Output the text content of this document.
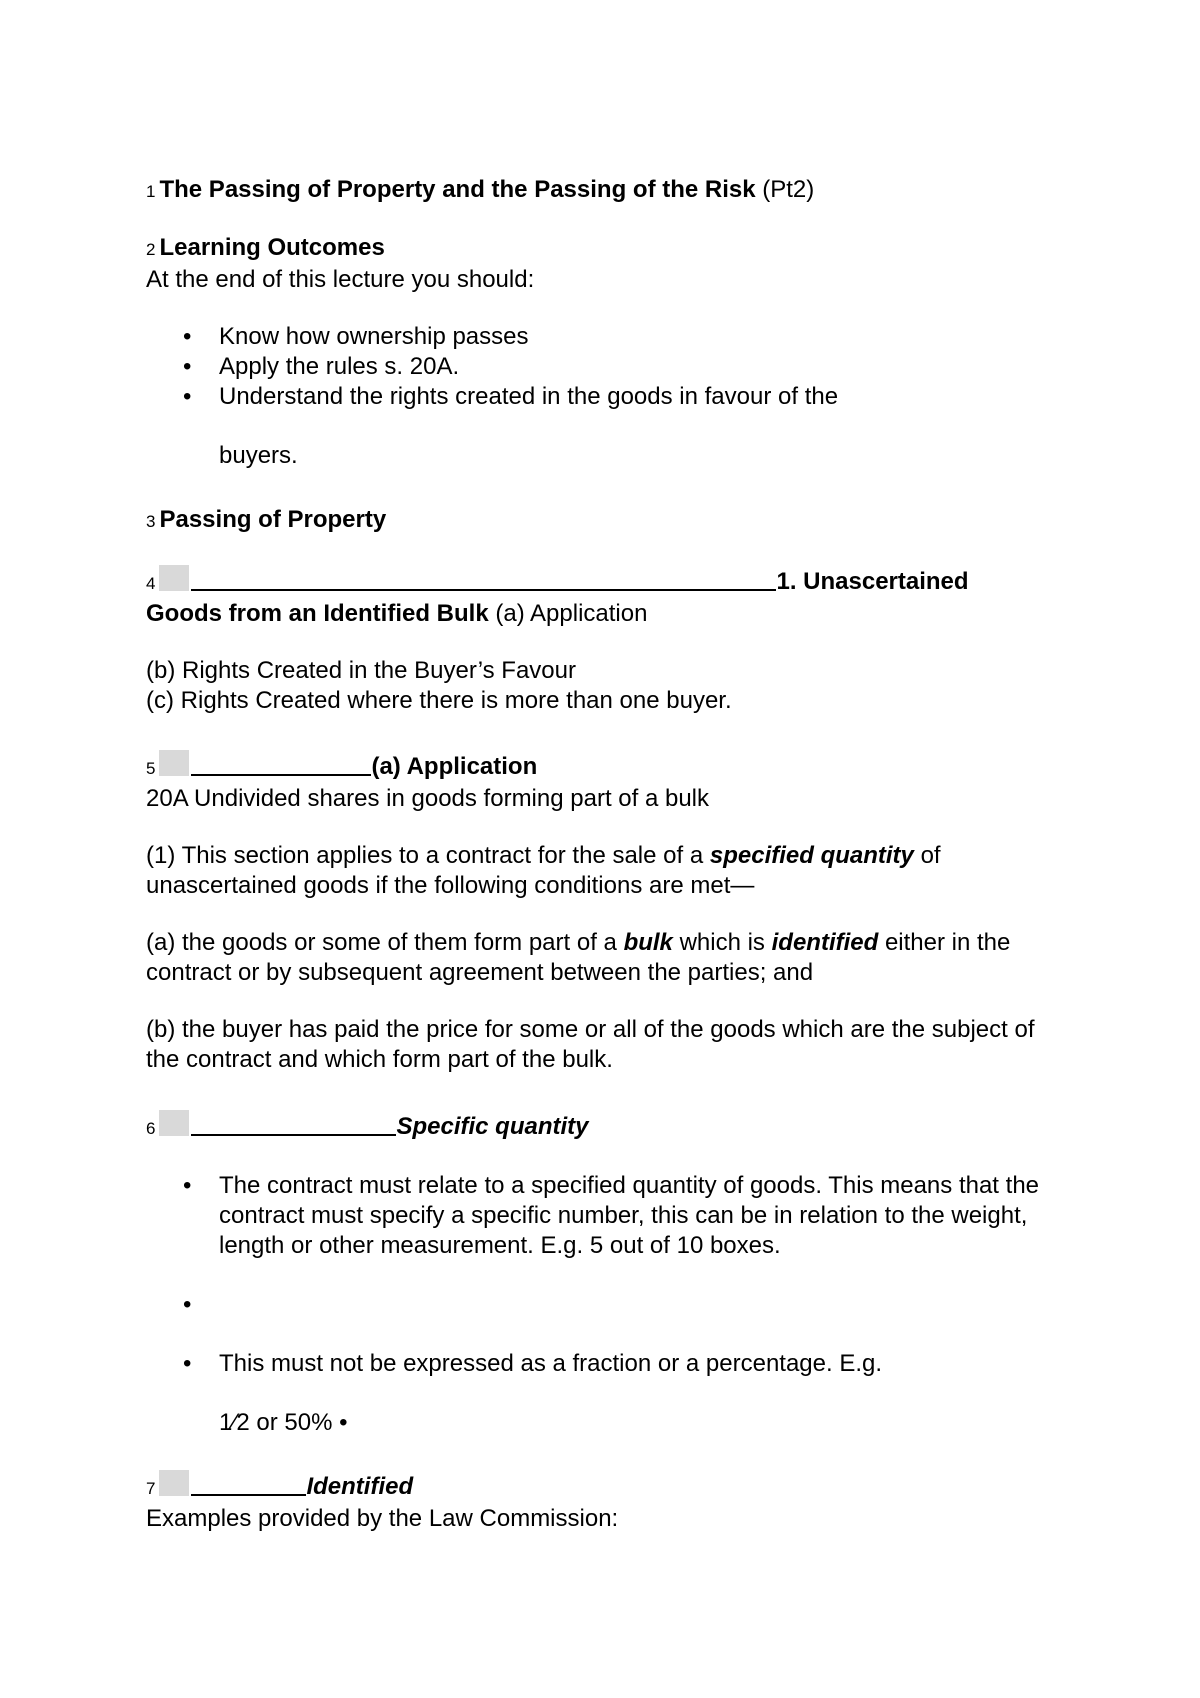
1 The Passing of Property and the Passing of the Risk (Pt2)

2 Learning Outcomes

At the end of this lecture you should:

• Know how ownership passes
• Apply the rules s. 20A.
• Understand the rights created in the goods in favour of the

buyers.

3 Passing of Property

4	1. Unascertained

Goods from an Identified Bulk (a) Application

(b) Rights Created in the Buyer’s Favour

(c) Rights Created where there is more than one buyer.

5	(a) Application

20A Undivided shares in goods forming part of a bulk

(1) This section applies to a contract for the sale of a specified quantity of unascertained goods if the following conditions are met—

(a) the goods or some of them form part of a bulk which is identified either in the contract or by subsequent agreement between the parties; and

(b) the buyer has paid the price for some or all of the goods which are the subject of the contract and which form part of the bulk.

6	Specific quantity

• The contract must relate to a specified quantity of goods. This means that the contract must specify a specific number, this can be in relation to the weight, length or other measurement. E.g. 5 out of 10 boxes.
•
• This must not be expressed as a fraction or a percentage. E.g.

1⁄2 or 50% •

7	Identified

Examples provided by the Law Commission:
